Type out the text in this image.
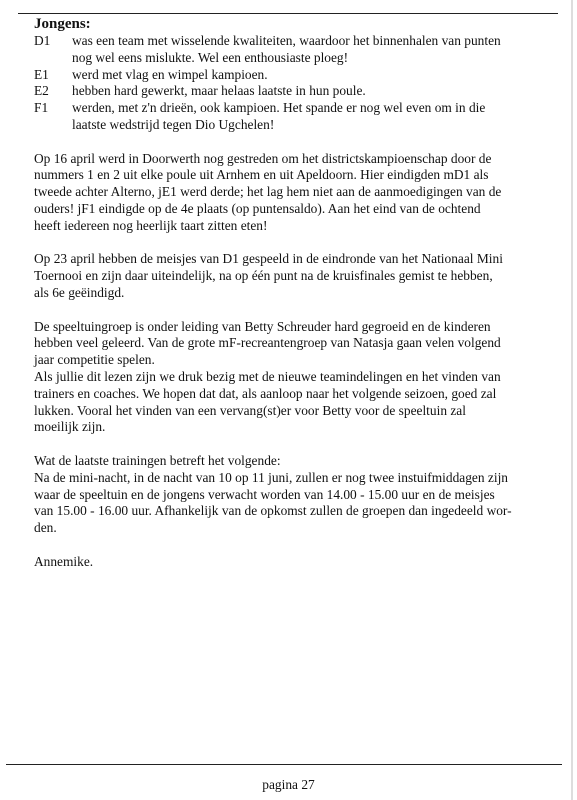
Jongens:

D1	was een team met wisselende kwaliteiten, waardoor het binnenhalen van punten
nog wel eens mislukte. Wel een enthousiaste ploeg!
E1	werd met vlag en wimpel kampioen.
E2	hebben hard gewerkt, maar helaas laatste in hun poule.
F1	werden, met z'n drieën, ook kampioen. Het spande er nog wel even om in die
laatste wedstrijd tegen Dio Ugchelen!
Op 16 april werd in Doorwerth nog gestreden om het districtskampioenschap door de
nummers 1 en 2 uit elke poule uit Arnhem en uit Apeldoorn. Hier eindigden mD1 als
tweede achter Alterno, jE1 werd derde; het lag hem niet aan de aanmoedigingen van de
ouders! jF1 eindigde op de 4e plaats (op puntensaldo). Aan het eind van de ochtend
heeft iedereen nog heerlijk taart zitten eten!
Op 23 april hebben de meisjes van D1 gespeeld in de eindronde van het Nationaal Mini
Toernooi en zijn daar uiteindelijk, na op één punt na de kruisfinales gemist te hebben,
als 6e geëindigd.
De speeltuingroep is onder leiding van Betty Schreuder hard gegroeid en de kinderen
hebben veel geleerd. Van de grote mF-recreantengroep van Natasja gaan velen volgend
jaar competitie spelen.
Als jullie dit lezen zijn we druk bezig met de nieuwe teamindelingen en het vinden van
trainers en coaches. We hopen dat dat, als aanloop naar het volgende seizoen, goed zal
lukken. Vooral het vinden van een vervang(st)er voor Betty voor de speeltuin zal
moeilijk zijn.
Wat de laatste trainingen betreft het volgende:
Na de mini-nacht, in de nacht van 10 op 11 juni, zullen er nog twee instuifmiddagen zijn
waar de speeltuin en de jongens verwacht worden van 14.00 - 15.00 uur en de meisjes
van 15.00 - 16.00 uur. Afhankelijk van de opkomst zullen de groepen dan ingedeeld wor-
den.
Annemike.
pagina 27
